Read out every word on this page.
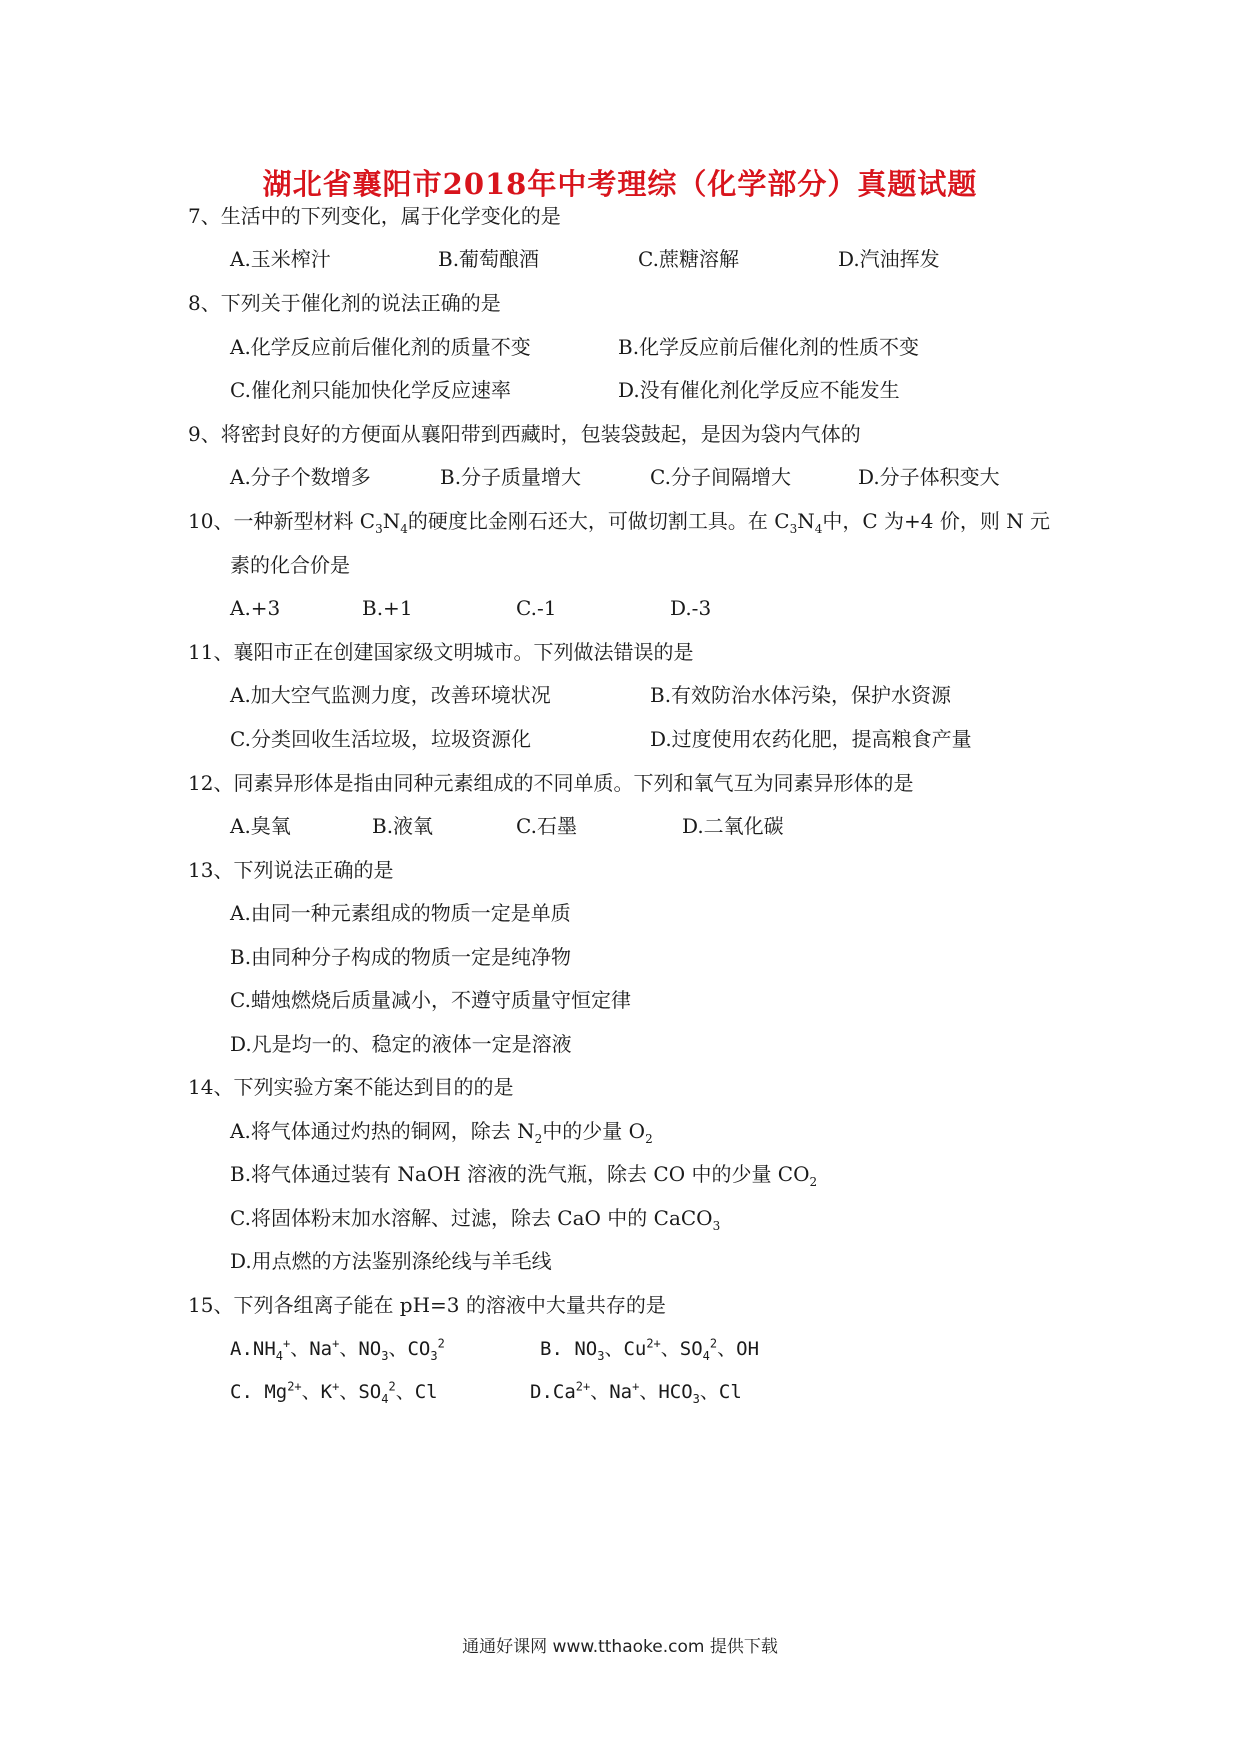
湖北省襄阳市2018年中考理综（化学部分）真题试题
7、生活中的下列变化，属于化学变化的是
A.玉米榨汁	B.葡萄酿酒	C.蔗糖溶解	D.汽油挥发
8、下列关于催化剂的说法正确的是
A.化学反应前后催化剂的质量不变	B.化学反应前后催化剂的性质不变
C.催化剂只能加快化学反应速率	D.没有催化剂化学反应不能发生
9、将密封良好的方便面从襄阳带到西藏时，包装袋鼓起，是因为袋内气体的
A.分子个数增多	B.分子质量增大	C.分子间隔增大	D.分子体积变大
10、一种新型材料 $C_3N_4$的硬度比金刚石还大，可做切割工具。在 $C_3N_4$中，C 为+4 价，则 N 元
素的化合价是
A.+3	B.+1	C.-1	D.-3
11、襄阳市正在创建国家级文明城市。下列做法错误的是
A.加大空气监测力度，改善环境状况	B.有效防治水体污染，保护水资源
C.分类回收生活垃圾，垃圾资源化	D.过度使用农药化肥，提高粮食产量
12、同素异形体是指由同种元素组成的不同单质。下列和氧气互为同素异形体的是
A.臭氧	B.液氧	C.石墨	D.二氧化碳
13、下列说法正确的是
A.由同一种元素组成的物质一定是单质
B.由同种分子构成的物质一定是纯净物
C.蜡烛燃烧后质量减小，不遵守质量守恒定律
D.凡是均一的、稳定的液体一定是溶液
14、下列实验方案不能达到目的的是
A.将气体通过灼热的铜网，除去 $N_2$中的少量 $O_2$
B.将气体通过装有 NaOH 溶液的洗气瓶，除去 CO 中的少量 $CO_2$
C.将固体粉末加水溶解、过滤，除去 CaO 中的 CaCO$_3$
D.用点燃的方法鉴别涤纶线与羊毛线
15、下列各组离子能在 pH=3 的溶液中大量共存的是
$A.NH_4^+$、Na+、$NO_3$、$CO_3^2$	B. $NO_3$、$Cu^{2+}$、$SO_4^2$、OH
C. $Mg^{2+}$、K+、$SO_4^2$、Cl	$D.Ca^{2+}$、Na+、$HCO_3$、Cl
通通好课网 www.tthaoke.com 提供下载
